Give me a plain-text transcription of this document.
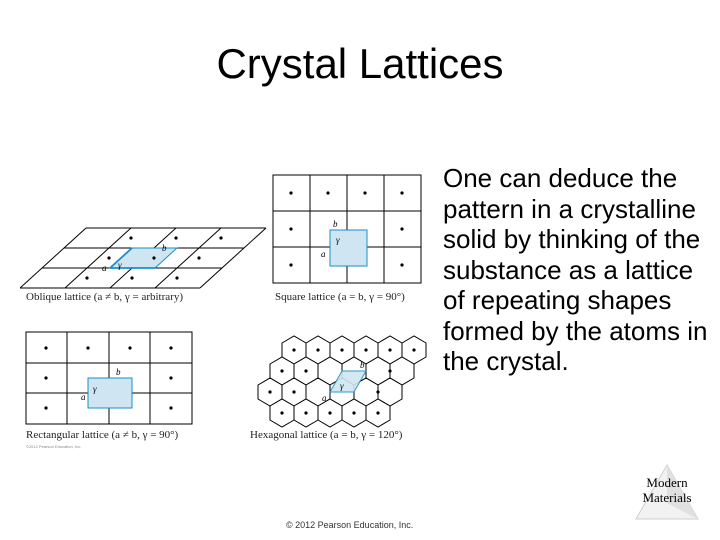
Crystal Lattices
a
b
γ
b
a
γ
b
a
γ
b
a
γ
Oblique lattice (a ≠ b, γ = arbitrary)	Square lattice (a = b, γ = 90°)
Rectangular lattice (a ≠ b, γ = 90°)	Hexagonal lattice (a = b, γ = 120°)
©2012 Pearson Education, Inc.
One can deduce the pattern in a crystalline solid by thinking of the substance as a lattice of repeating shapes formed by the atoms in the crystal.
Modern
Materials
© 2012 Pearson Education, Inc.
